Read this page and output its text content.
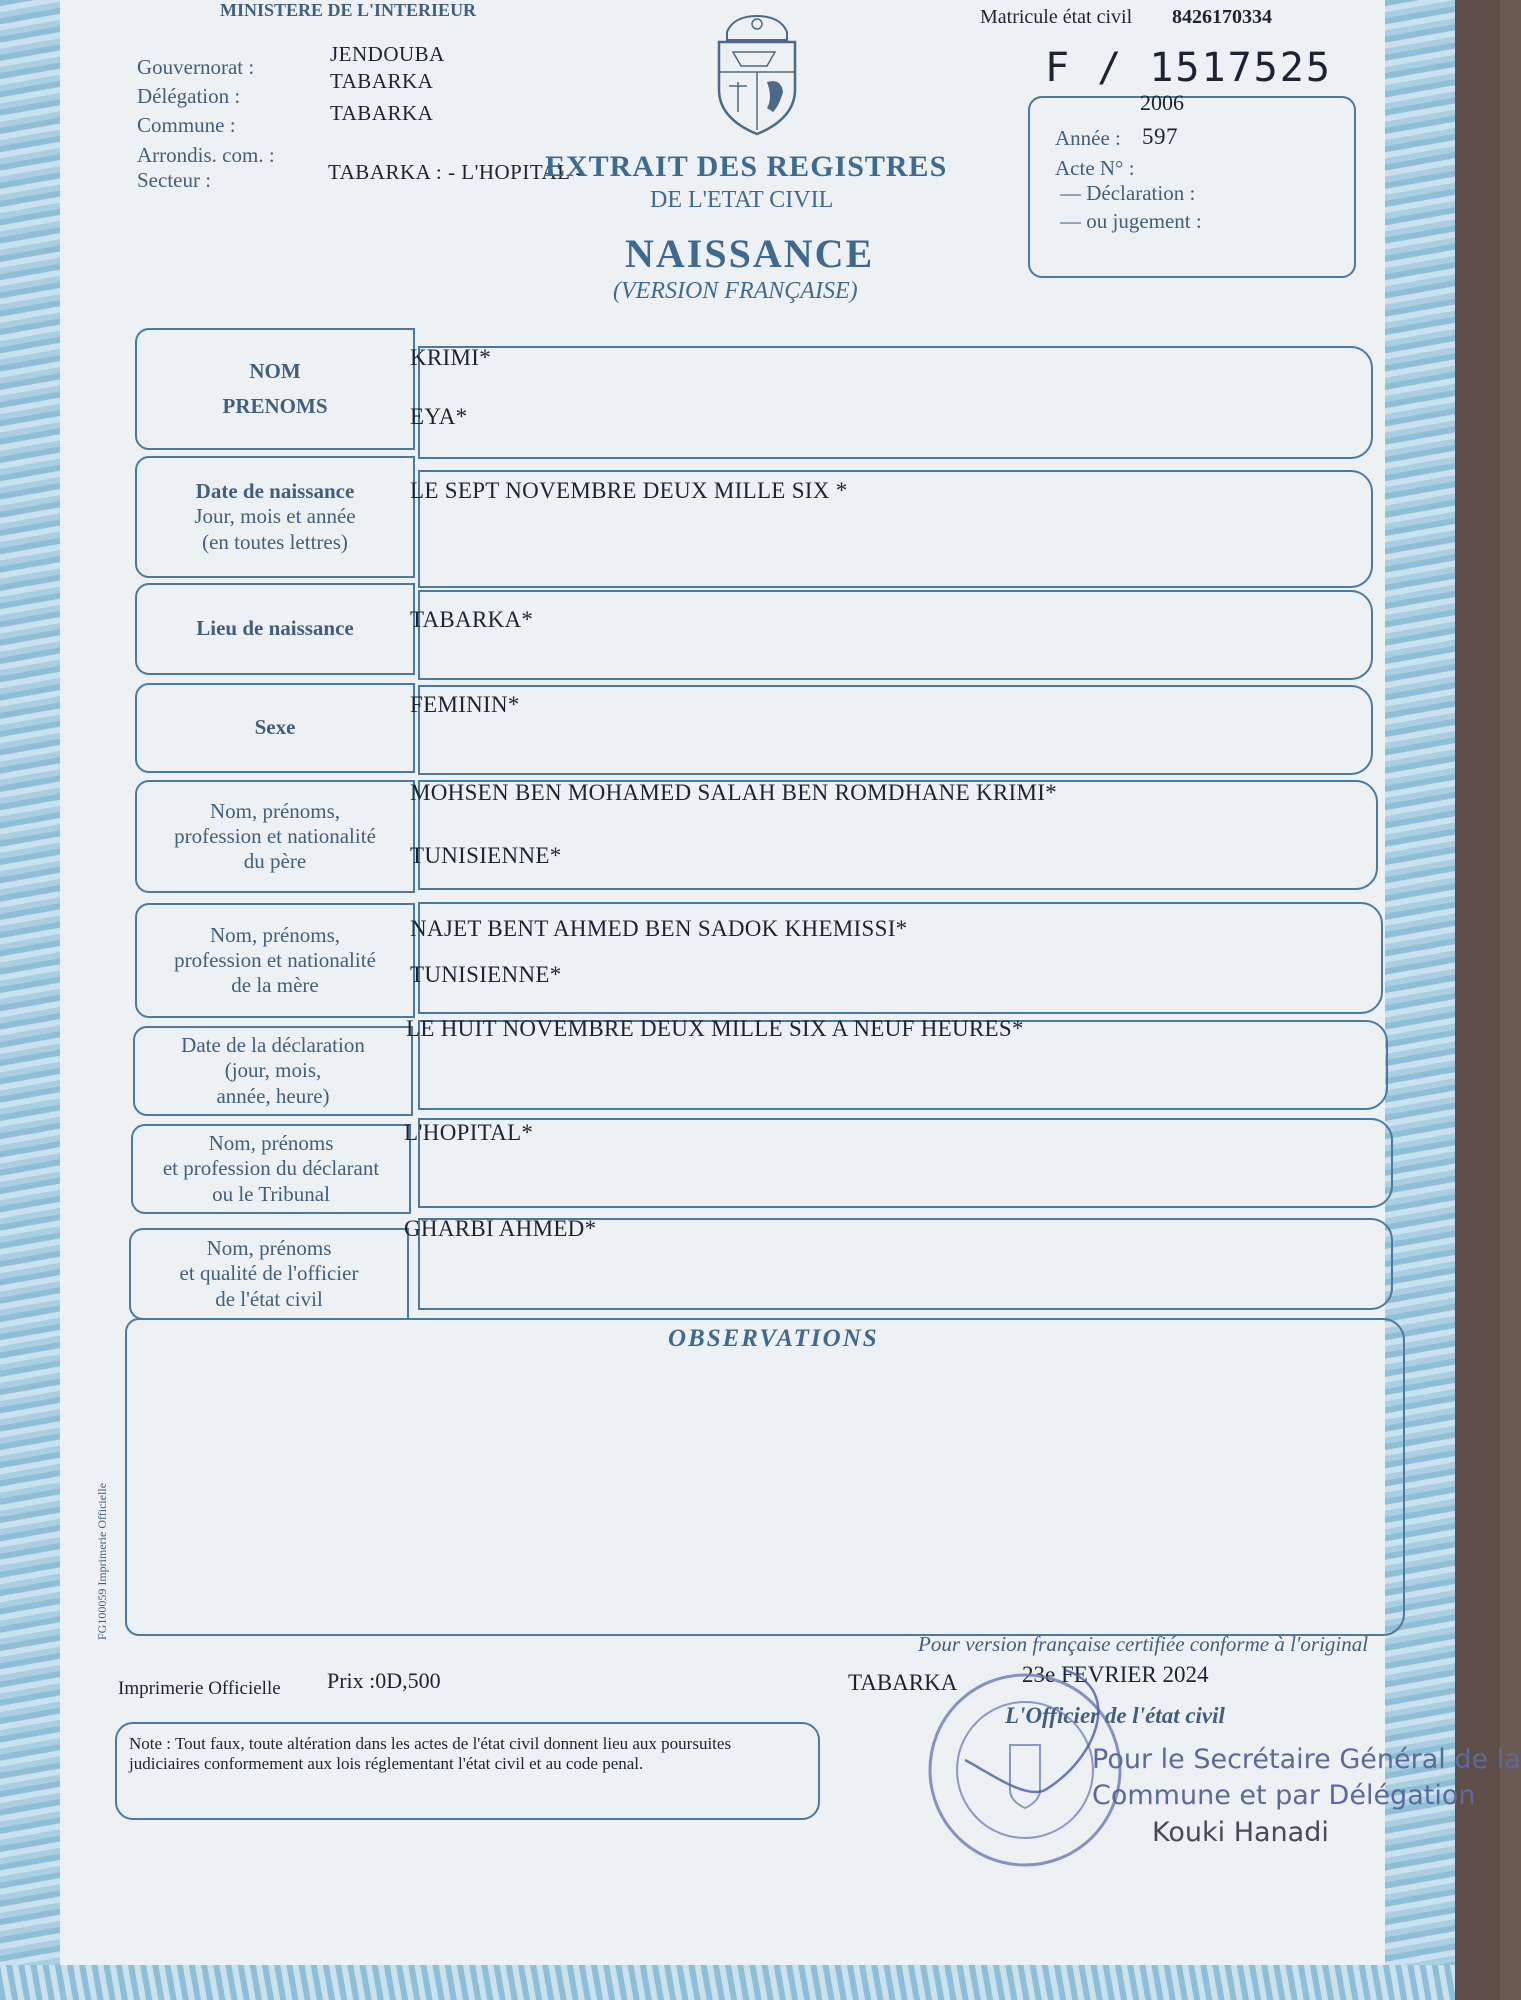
MINISTERE DE L'INTERIEUR	Matricule état civil 8426170334
Gouvernorat :
JENDOUBA
Délégation :
TABARKA
Commune :	TABARKA
Arrondis. com. :
Secteur :	TABARKA : - L'HOPITAL -
F / 1517525
2006
Année : 597
Acte N° :
— Déclaration :
— ou jugement :
EXTRAIT DES REGISTRES
DE L'ETAT CIVIL
NAISSANCE
(VERSION FRANÇAISE)
NOM
PRENOMS
KRIMI*
EYA*
Date de naissance
Jour, mois et année
(en toutes lettres)
LE SEPT NOVEMBRE DEUX MILLE SIX *
Lieu de naissance TABARKA*
Sexe
FEMININ*
Nom, prénoms,
profession et nationalité
du père
MOHSEN BEN MOHAMED SALAH BEN ROMDHANE KRIMI*
TUNISIENNE*
Nom, prénoms,
profession et nationalité
de la mère
NAJET BENT AHMED BEN SADOK KHEMISSI*
TUNISIENNE*
Date de la déclaration
(jour, mois,
année, heure)
LE HUIT NOVEMBRE DEUX MILLE SIX A NEUF HEURES*
Nom, prénoms
et profession du déclarant
ou le Tribunal
L'HOPITAL*
Nom, prénoms
et qualité de l'officier
de l'état civil
GHARBI AHMED*
OBSERVATIONS
FG100059 Imprimerie Officielle
Pour version française certifiée conforme à l'original
Imprimerie Officielle Prix :0D,500	TABARKA	23e FEVRIER 2024
L'Officier de l'état civil
Note : Tout faux, toute altération dans les actes de l'état civil donnent lieu aux poursuites judiciaires conformement aux lois réglementant l'état civil et au code penal.	Pour le Secrétaire Général de la
Commune et par Délégation
Kouki Hanadi
